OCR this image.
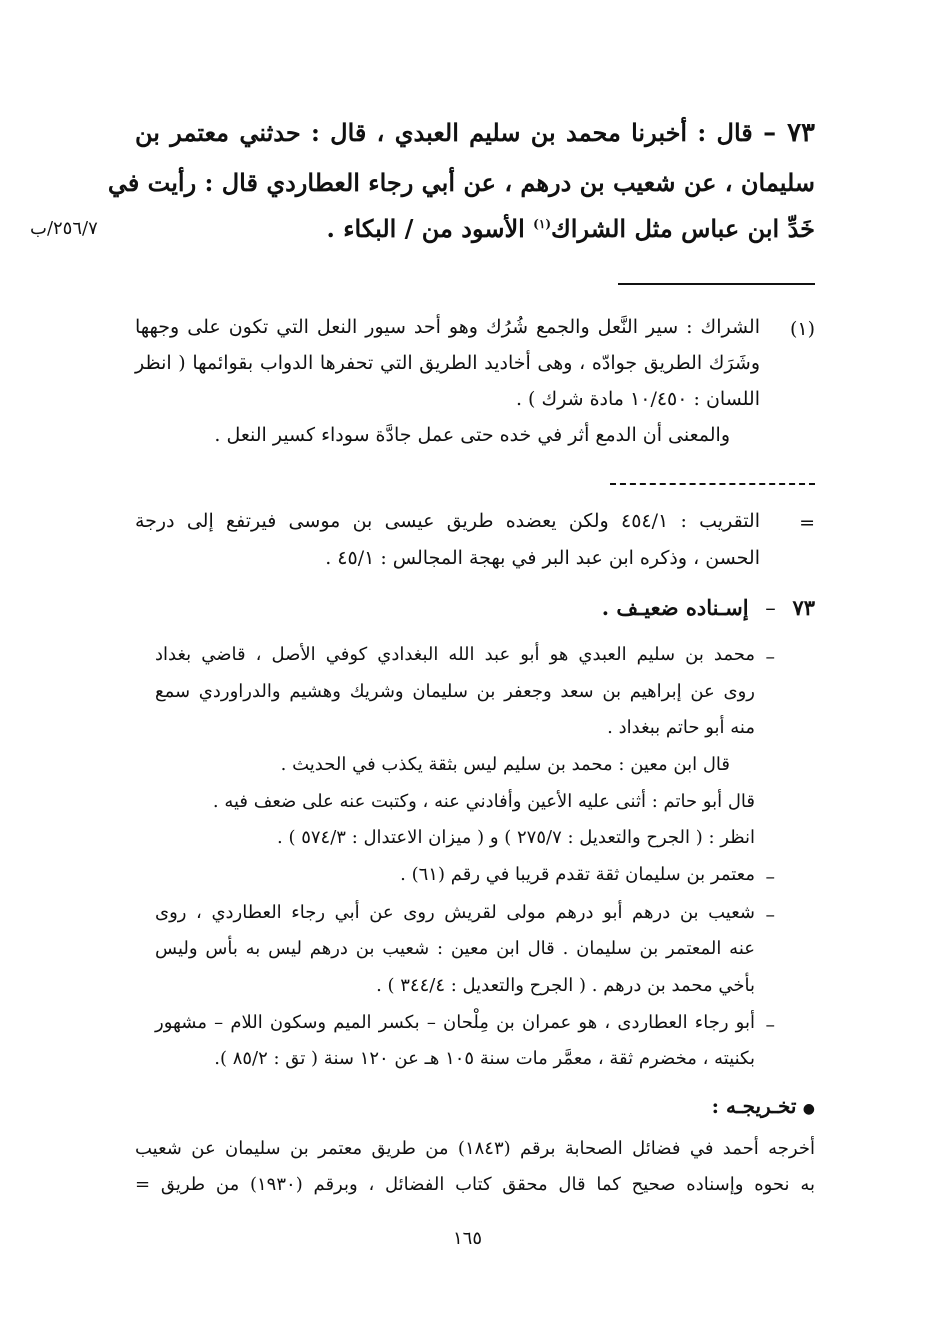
٧٣ – قال : أخبرنا محمد بن سليم العبدي ، قال : حدثني معتمر بن
سليمان ، عن شعيب بن درهم ، عن أبي رجاء العطاردي قال : رأيت في
خَدِّ ابن عباس مثل الشراك$^{(١)}$ الأسود من / البكاء .
٢٥٦/٧/ب
(١)
الشراك : سير النَّعل والجمع شُرُك وهو أحد سيور النعل التي تكون على وجهها
وشَرَك الطريق جوادّه ، وهى أخاديد الطريق التي تحفرها الدواب بقوائمها ( انظر
اللسان : ١٠/٤٥٠ مادة شرك ) .
والمعنى أن الدمع أثر في خده حتى عمل جادَّة سوداء كسير النعل .
=
التقريب : ٤٥٤/١ ولكن يعضده طريق عيسى بن موسى فيرتفع إلى درجة
الحسن ، وذكره ابن عبد البر في بهجة المجالس : ٤٥/١ .
٧٣ – إسـناده ضعيـف .
–
محمد بن سليم العبدي هو أبو عبد الله البغدادي كوفي الأصل ، قاضي بغداد
روى عن إبراهيم بن سعد وجعفر بن سليمان وشريك وهشيم والدراوردي سمع
منه أبو حاتم ببغداد .
قال ابن معين : محمد بن سليم ليس بثقة يكذب في الحديث .
قال أبو حاتم : أثنى عليه الأعين وأفادني عنه ، وكتبت عنه على ضعف فيه .
انظر : ( الجرح والتعديل : ٢٧٥/٧ ) و ( ميزان الاعتدال : ٥٧٤/٣ ) .
–
معتمر بن سليمان ثقة تقدم قريبا في رقم (٦١) .
–
شعيب بن درهم أبو درهم مولى لقريش روى عن أبي رجاء العطاردي ، روى
عنه المعتمر بن سليمان . قال ابن معين : شعيب بن درهم ليس به بأس وليس
بأخي محمد بن درهم . ( الجرح والتعديل : ٣٤٤/٤ ) .
–
أبو رجاء العطاردى ، هو عمران بن مِلْحان – بكسر الميم وسكون اللام – مشهور
بكنيته ، مخضرم ثقة ، معمَّر مات سنة ١٠٥ هـ عن ١٢٠ سنة ( تق : ٨٥/٢ ).
● تخـريجـه :
أخرجه أحمد في فضائل الصحابة برقم (١٨٤٣) من طريق معتمر بن سليمان عن شعيب
به نحوه وإسناده صحيح كما قال محقق كتاب الفضائل ، وبرقم (١٩٣٠) من طريق =
١٦٥
